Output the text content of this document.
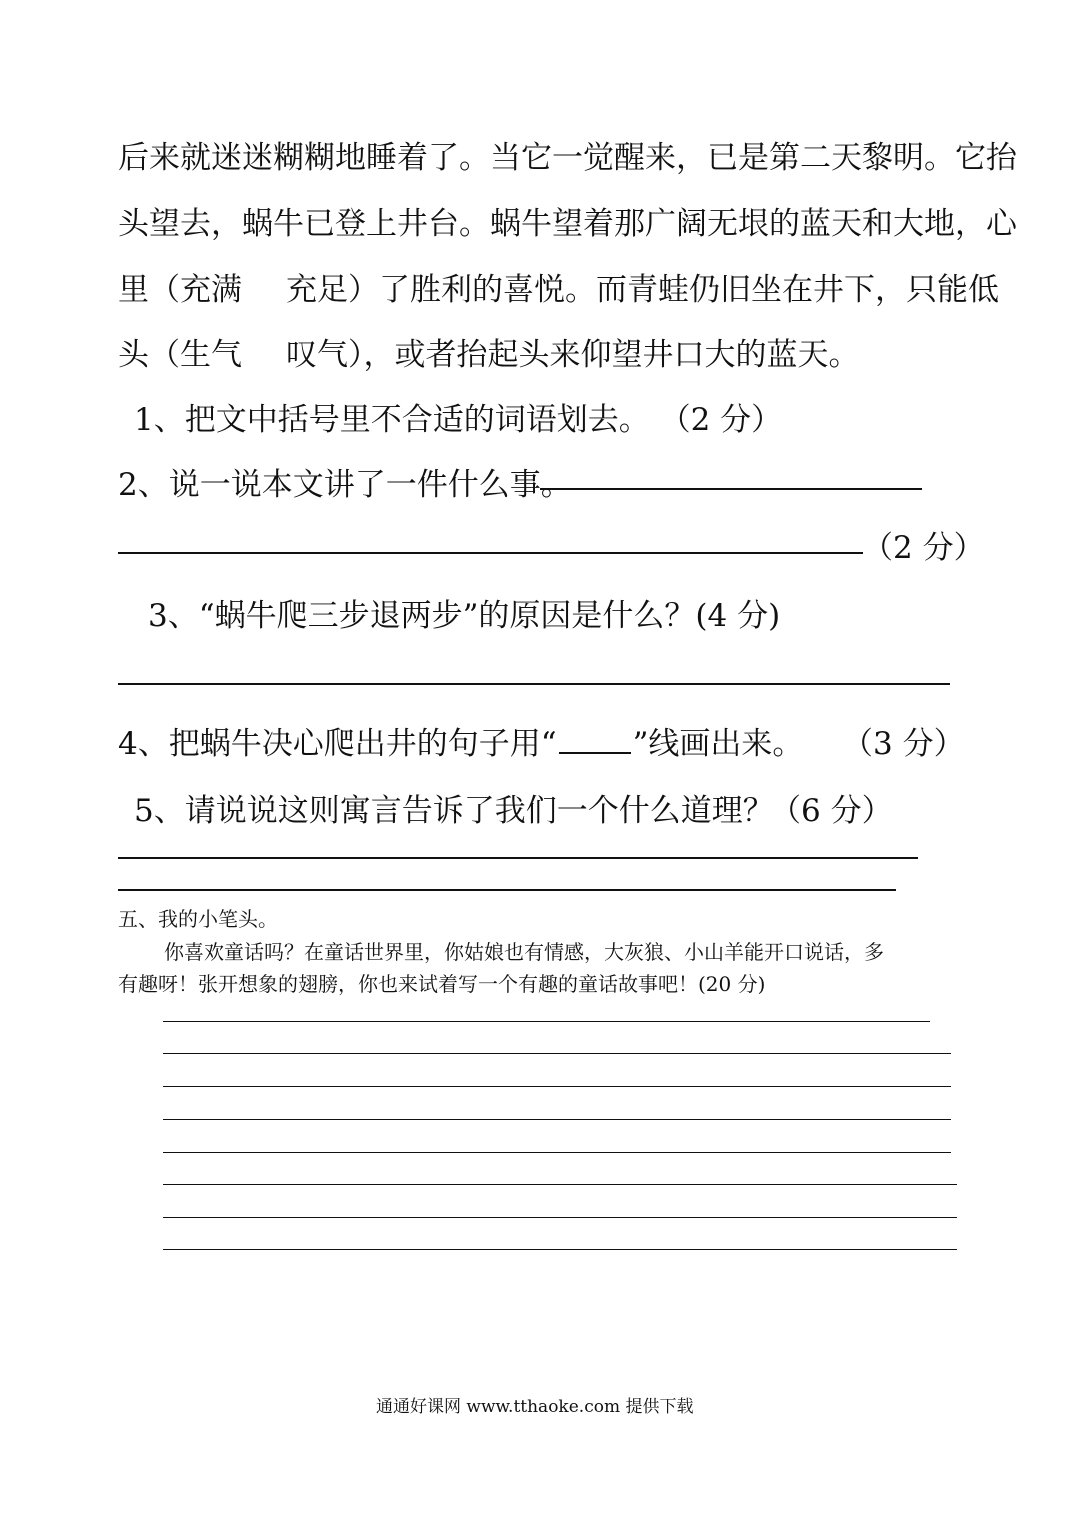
后来就迷迷糊糊地睡着了。当它一觉醒来，已是第二天黎明。它抬
头望去，蜗牛已登上井台。蜗牛望着那广阔无垠的蓝天和大地，心
里（充满 充足）了胜利的喜悦。而青蛙仍旧坐在井下，只能低
头（生气 叹气），或者抬起头来仰望井口大的蓝天。
1、把文中括号里不合适的词语划去。 （2 分）
2、说一说本文讲了一件什么事。
（2 分）
3、“蜗牛爬三步退两步”的原因是什么？(4 分)
4、把蜗牛决心爬出井的句子用“ ”线画出来。 （3 分）
5、请说说这则寓言告诉了我们一个什么道理？
（6 分）
五、我的小笔头。
你喜欢童话吗？在童话世界里，你姑娘也有情感，大灰狼、小山羊能开口说话，多
有趣呀！张开想象的翅膀，你也来试着写一个有趣的童话故事吧！(20 分)
通通好课网 www.tthaoke.com 提供下载
